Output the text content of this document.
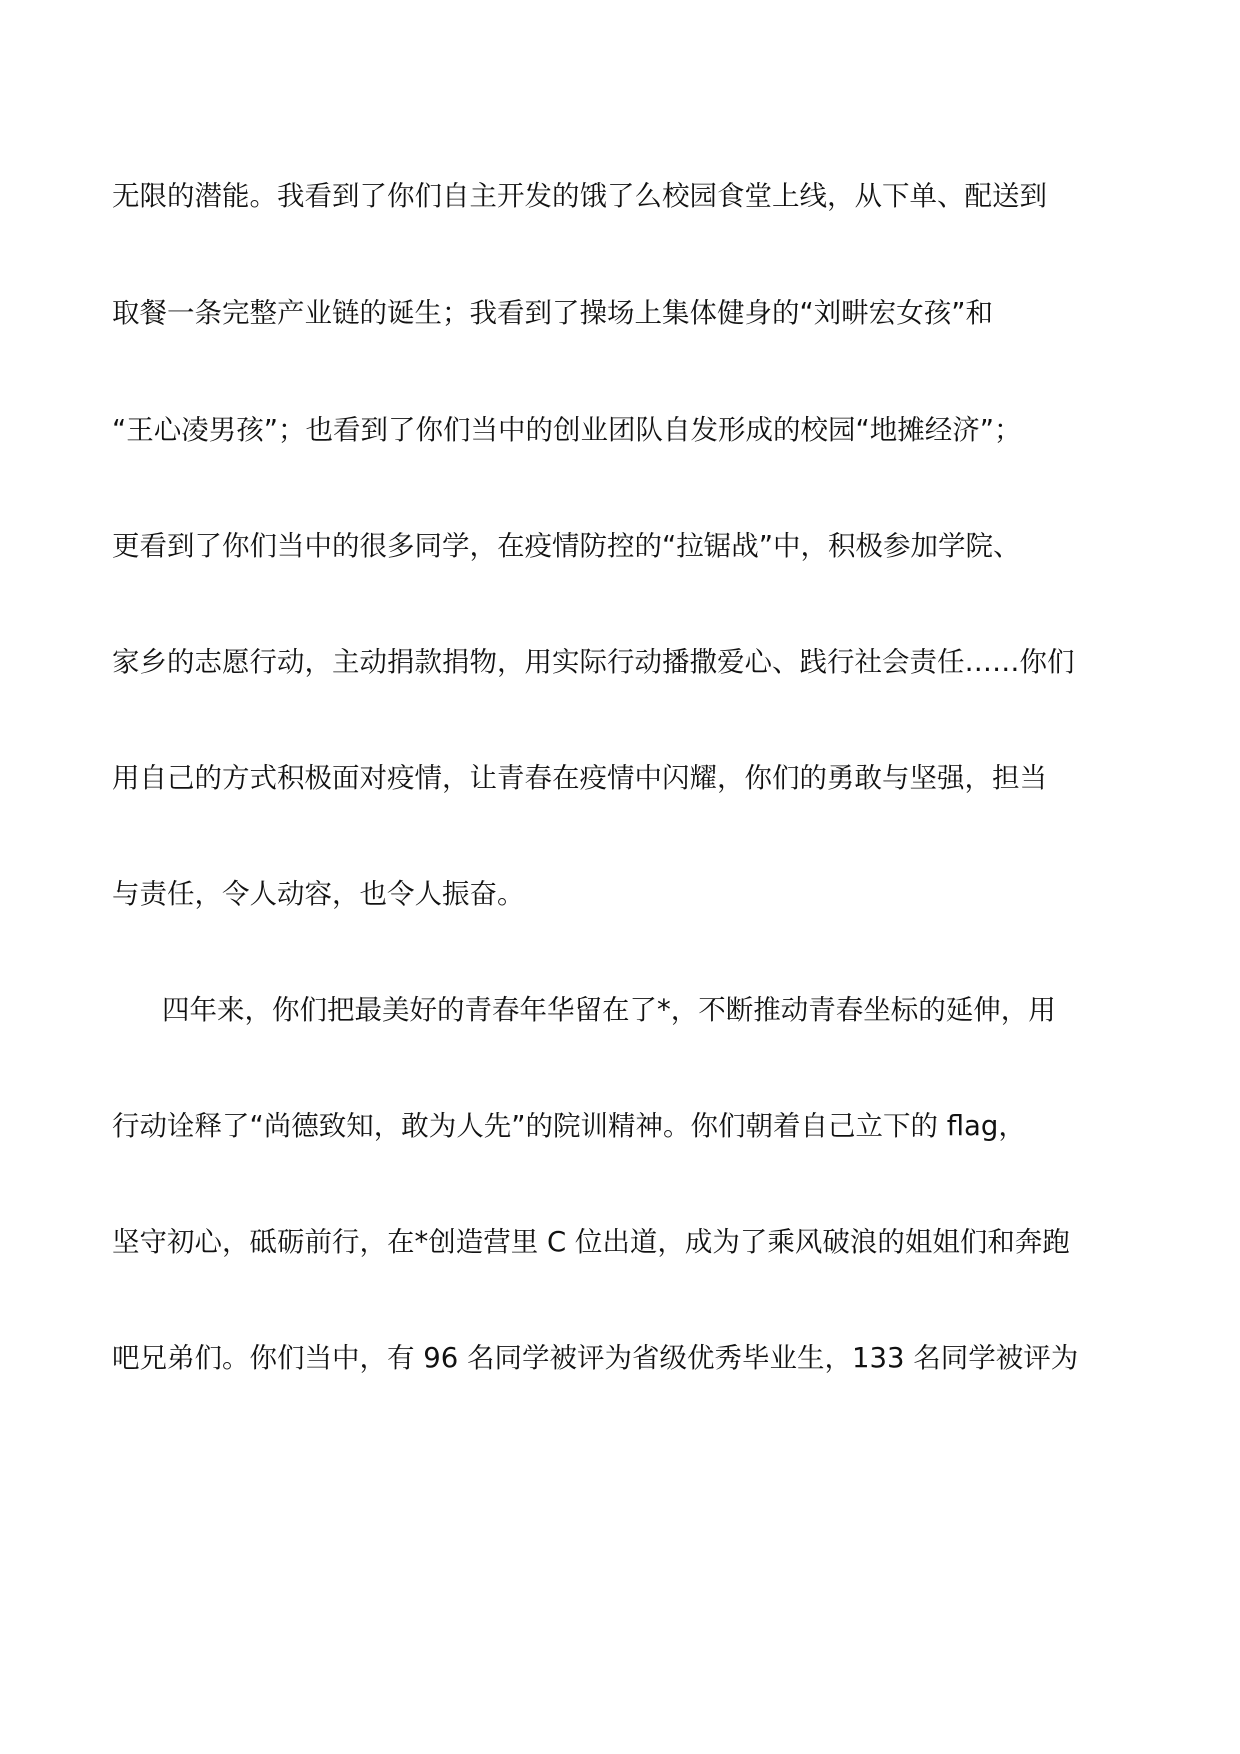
无限的潜能。我看到了你们自主开发的饿了么校园食堂上线，从下单、配送到
取餐一条完整产业链的诞生；我看到了操场上集体健身的“刘畊宏女孩”和
“王心凌男孩”；也看到了你们当中的创业团队自发形成的校园“地摊经济”；
更看到了你们当中的很多同学，在疫情防控的“拉锯战”中，积极参加学院、
家乡的志愿行动，主动捐款捐物，用实际行动播撒爱心、践行社会责任……你们
用自己的方式积极面对疫情，让青春在疫情中闪耀，你们的勇敢与坚强，担当
与责任，令人动容，也令人振奋。
四年来，你们把最美好的青春年华留在了*，不断推动青春坐标的延伸，用
行动诠释了“尚德致知，敢为人先”的院训精神。你们朝着自己立下的 flag，
坚守初心，砥砺前行，在*创造营里 C 位出道，成为了乘风破浪的姐姐们和奔跑
吧兄弟们。你们当中，有 96 名同学被评为省级优秀毕业生，133 名同学被评为
